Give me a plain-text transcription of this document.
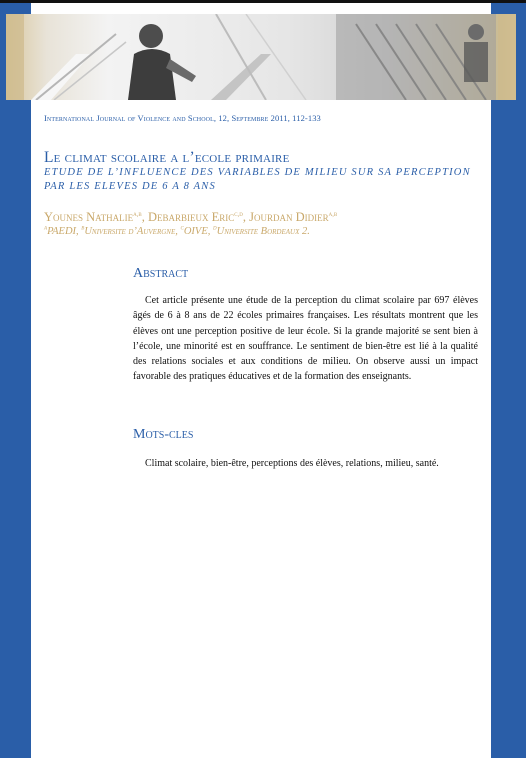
International Journal of Violence and School, 12, Septembre 2011, 112-133
Le climat scolaire a l’ecole primaire
ETUDE DE L’INFLUENCE DES VARIABLES DE MILIEU SUR SA PERCEPTION PAR LES ELEVES DE 6 A 8 ANS
Younes Nathalie$^{a,b}$, Debarbieux Eric$^{c,d}$, Jourdan Didier$^{a,b}$
$^a$PAEDI, $^b$Universite d’Auvergne, $^c$OIVE, $^d$Universite Bordeaux 2.
Abstract

Cet article présente une étude de la perception du climat scolaire par 697 élèves âgés de 6 à 8 ans de 22 écoles primaires françaises. Les résultats montrent que les élèves ont une perception positive de leur école. Si la grande majorité se sent bien à l’école, une minorité est en souffrance. Le sentiment de bien-être est lié à la qualité des relations sociales et aux conditions de milieu. On observe aussi un impact favorable des pratiques éducatives et de la formation des enseignants.

Mots-cles
Climat scolaire, bien-être, perceptions des élèves, relations, milieu, santé.
